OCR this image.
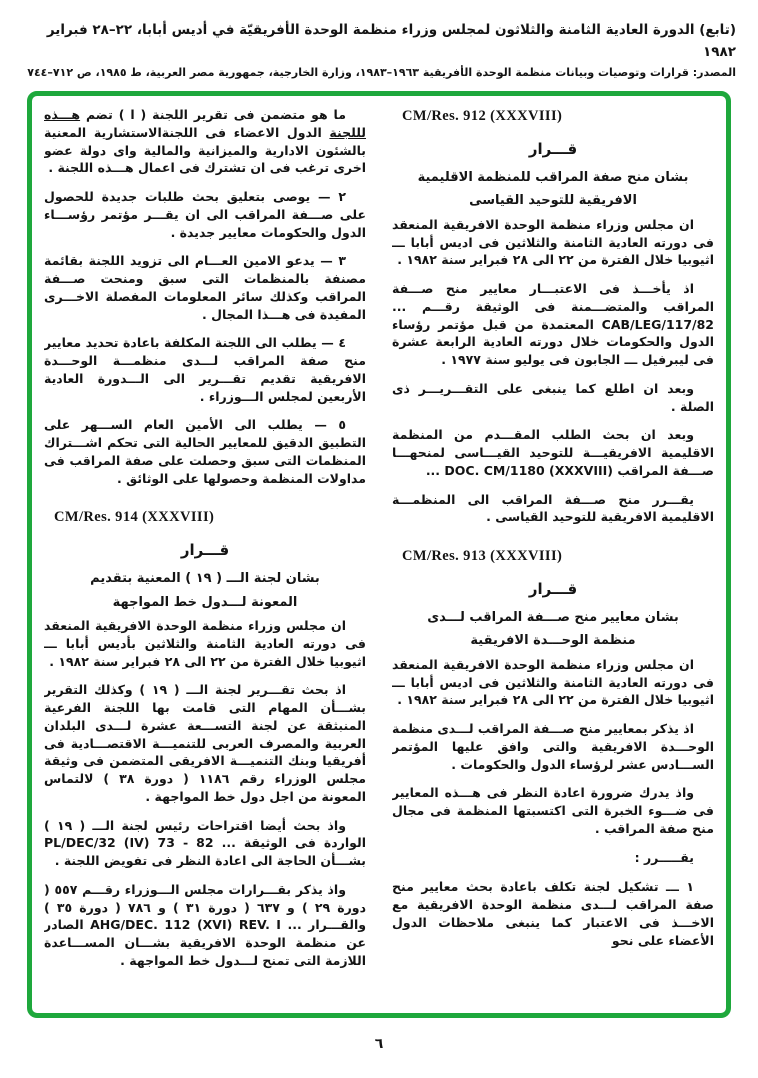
(تابع) الدورة العادية الثامنة والثلاثون لمجلس وزراء منظمة الوحدة الأفريقيّة في أديس أبابا، ٢٢–٢٨ فبراير ١٩٨٢
المصدر: قرارات وتوصيات وبيانات منظمة الوحدة الأفريقية ١٩٦٣–١٩٨٣، وزارة الخارجية، جمهورية مصر العربية، ط ١٩٨٥، ص ٧١٢–٧٤٤
CM/Res. 912 (XXXVIII)
قـــرار
بشان منح صفة المراقب للمنظمة الاقليمية
الافريقية للتوحيد القياسى
ان مجلس وزراء منظمة الوحدة الافريقية المنعقد فى دورته العادية الثامنة والثلاثين فى اديس أبابا ـــ اثيوبيا خلال الفترة من ٢٢ الى ٢٨ فبراير سنة ١٩٨٢ .
اذ يأخـــذ فى الاعتبـــار معايير منح صـــفة المراقب والمتضـــمنة فى الوثيقة رقـــم ... CAB/LEG/117/82 المعتمدة من قبل مؤتمر رؤساء الدول والحكومات خلال دورته العادية الرابعة عشرة فى ليبرفيل ـــ الجابون فى يوليو سنة ١٩٧٧ .
وبعد ان اطلع كما ينبغى على التقـــريـــر ذى الصلة .
وبعد ان بحث الطلب المقـــدم من المنظمة الاقليمية الافريقيـــة للتوحيد القيـــاسى لمنحهـــا صـــفة المراقب DOC. CM/1180 (XXXVIII) ...
يقـــرر منح صـــفة المراقب الى المنظمـــة الاقليمية الافريقية للتوحيد القياسى .
CM/Res. 913 (XXXVIII)
قـــرار
بشان معايير منح صـــفة المراقب لـــدى
منظمة الوحـــدة الافريقية
ان مجلس وزراء منظمة الوحدة الافريقية المنعقد فى دورته العادية الثامنة والثلاثين فى اديس أبابا ـــ اثيوبيا خلال الفترة من ٢٢ الى ٢٨ فبراير سنة ١٩٨٢ .
اذ يذكر بمعايير منح صـــفة المراقب لـــدى منظمة الوحـــدة الافريقية والتى وافق عليها المؤتمر الســـادس عشر لرؤساء الدول والحكومات .
واذ يدرك ضرورة اعادة النظر فى هـــذه المعايير فى ضـــوء الخبرة التى اكتسبتها المنظمة فى مجال منح صفة المراقب .
يقـــــرر :
١ ـــ تشكيل لجنة تكلف باعادة بحث معايير منح صفة المراقب لـــدى منظمة الوحدة الافريقية مع الاخـــذ فى الاعتبار كما ينبغى ملاحظات الدول الأعضاء على نحو
ما هو متضمن فى تقرير اللجنة ( ا ) تضم هـــذه لللجنة الدول الاعضاء فى اللجنةالاستشارية المعنية بالشئون الادارية والميزانية والمالية واى دولة عضو اخرى ترغب فى ان تشترك فى اعمال هـــذه اللجنة .
٢ — يوصى بتعليق بحث طلبات جديدة للحصول على صـــفة المراقب الى ان يقـــر مؤتمر رؤســـاء الدول والحكومات معايير جديدة .
٣ — يدعو الامين العـــام الى تزويد اللجنة بقائمة مصنفة بالمنظمات التى سبق ومنحت صـــفة المراقب وكذلك سائر المعلومات المفصلة الاخـــرى المفيدة فى هـــذا المجال .
٤ — يطلب الى اللجنة المكلفة باعادة تحديد معايير منح صفة المراقب لـــدى منظمـــة الوحـــدة الافريقية تقديم تقـــرير الى الـــدورة العادية الأربعين لمجلس الـــوزراء .
٥ — يطلب الى الأمين العام الســـهر على التطبيق الدقيق للمعايير الحالية التى تحكم اشـــتراك المنظمات التى سبق وحصلت على صفة المراقب فى مداولات المنظمة وحصولها على الوثائق .
CM/Res. 914 (XXXVIII)
قـــرار
بشان لجنة الـــ ( ١٩ ) المعنية بتقديم
المعونة لـــدول خط المواجهة
ان مجلس وزراء منظمة الوحدة الافريقية المنعقد فى دورته العادية الثامنة والثلاثين بأديس أبابا ـــ اثيوبيا خلال الفترة من ٢٢ الى ٢٨ فبراير سنة ١٩٨٢ .
اذ بحث تقـــرير لجنة الـــ ( ١٩ ) وكذلك التقرير بشـــأن المهام التى قامت بها اللجنة الفرعية المنبثقة عن لجنة التســـعة عشرة لـــدى البلدان العربية والمصرف العربى للتنميـــة الاقتصـــادية فى أفريقيا وبنك التنميـــة الافريقى المتضمن فى وثيقة مجلس الوزراء رقم ١١٨٦ ( دورة ٣٨ ) لالتماس المعونة من اجل دول خط المواجهة .
واذ بحث أيضا اقتراحات رئيس لجنة الـــ ( ١٩ ) الواردة فى الوثيقة ... PL/DEC/32 (IV) 73 - 82 بشـــأن الحاجة الى اعادة النظر فى تفويض اللجنة .
واذ يذكر بقـــرارات مجلس الـــوزراء رقـــم ٥٥٧ ( دورة ٢٩ ) و ٦٣٧ ( دورة ٣١ ) و ٧٨٦ ( دورة ٣٥ ) والقـــرار ... AHG/DEC. 112 (XVI) REV. I الصادر عن منظمة الوحدة الافريقية بشـــان المســـاعدة اللازمة التى تمنح لـــدول خط المواجهة .
٦
